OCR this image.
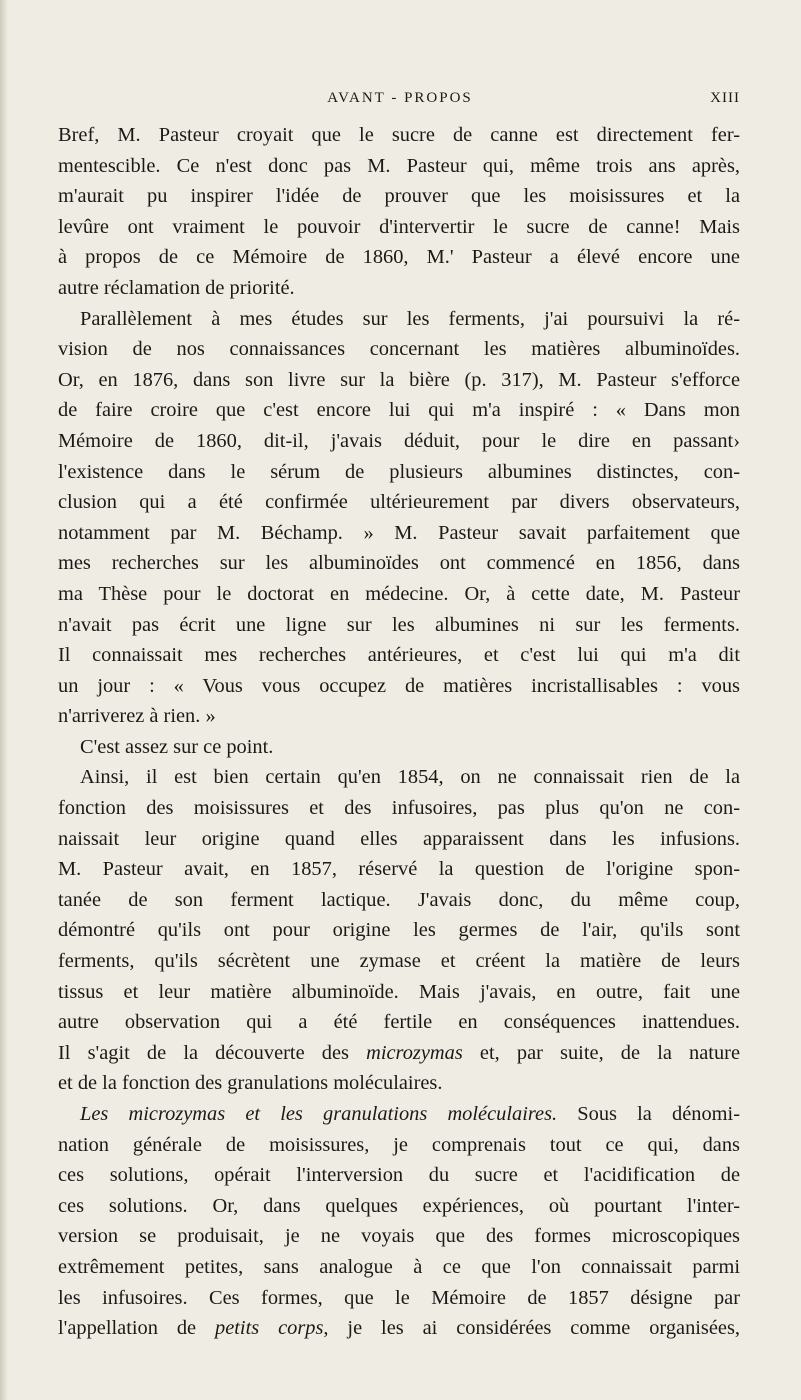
AVANT - PROPOS	XIII
Bref, M. Pasteur croyait que le sucre de canne est directement fer-
mentescible. Ce n'est donc pas M. Pasteur qui, même trois ans après,
m'aurait pu inspirer l'idée de prouver que les moisissures et la
levûre ont vraiment le pouvoir d'intervertir le sucre de canne! Mais
à propos de ce Mémoire de 1860, M.' Pasteur a élevé encore une
autre réclamation de priorité.
Parallèlement à mes études sur les ferments, j'ai poursuivi la ré-
vision de nos connaissances concernant les matières albuminoïdes.
Or, en 1876, dans son livre sur la bière (p. 317), M. Pasteur s'efforce
de faire croire que c'est encore lui qui m'a inspiré : « Dans mon
Mémoire de 1860, dit-il, j'avais déduit, pour le dire en passant›
l'existence dans le sérum de plusieurs albumines distinctes, con-
clusion qui a été confirmée ultérieurement par divers observateurs,
notamment par M. Béchamp. » M. Pasteur savait parfaitement que
mes recherches sur les albuminoïdes ont commencé en 1856, dans
ma Thèse pour le doctorat en médecine. Or, à cette date, M. Pasteur
n'avait pas écrit une ligne sur les albumines ni sur les ferments.
Il connaissait mes recherches antérieures, et c'est lui qui m'a dit
un jour : « Vous vous occupez de matières incristallisables : vous
n'arriverez à rien. »
C'est assez sur ce point.
Ainsi, il est bien certain qu'en 1854, on ne connaissait rien de la
fonction des moisissures et des infusoires, pas plus qu'on ne con-
naissait leur origine quand elles apparaissent dans les infusions.
M. Pasteur avait, en 1857, réservé la question de l'origine spon-
tanée de son ferment lactique. J'avais donc, du même coup,
démontré qu'ils ont pour origine les germes de l'air, qu'ils sont
ferments, qu'ils sécrètent une zymase et créent la matière de leurs
tissus et leur matière albuminoïde. Mais j'avais, en outre, fait une
autre observation qui a été fertile en conséquences inattendues.
Il s'agit de la découverte des microzymas et, par suite, de la nature
et de la fonction des granulations moléculaires.
Les microzymas et les granulations moléculaires. Sous la dénomi-
nation générale de moisissures, je comprenais tout ce qui, dans
ces solutions, opérait l'interversion du sucre et l'acidification de
ces solutions. Or, dans quelques expériences, où pourtant l'inter-
version se produisait, je ne voyais que des formes microscopiques
extrêmement petites, sans analogue à ce que l'on connaissait parmi
les infusoires. Ces formes, que le Mémoire de 1857 désigne par
l'appellation de petits corps, je les ai considérées comme organisées,
